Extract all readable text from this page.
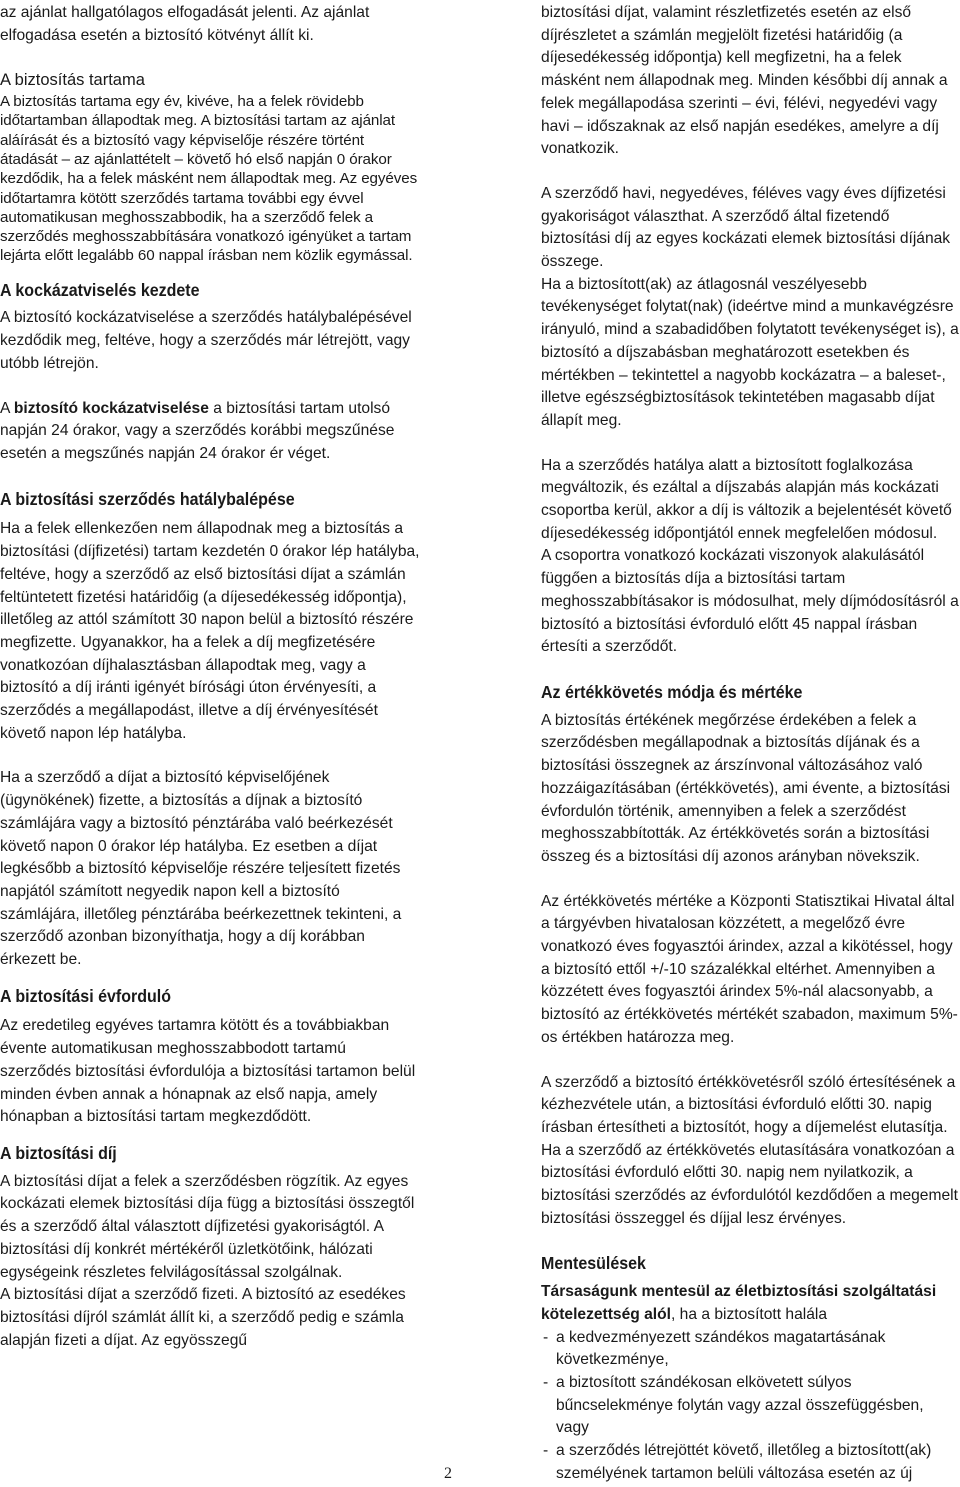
az ajánlat hallgatólagos elfogadását jelenti. Az ajánlat elfogadása esetén a biztosító kötvényt állít ki.

A biztosítás tartama

A biztosítás tartama egy év, kivéve, ha a felek rövidebb időtartamban állapodtak meg. A biztosítási tartam az ajánlat aláírását és a biztosító vagy képviselője részére történt átadását – az ajánlattételt – követő hó első napján 0 órakor kezdődik, ha a felek másként nem állapodtak meg. Az egyéves időtartamra kötött szerződés tartama további egy évvel automatikusan meghosszabbodik, ha a szerződő felek a szerződés meghosszabbítására vonatkozó igényüket a tartam lejárta előtt legalább 60 nappal írásban nem közlik egymással.

A kockázatviselés kezdete

A biztosító kockázatviselése a szerződés hatálybalépésével kezdődik meg, feltéve, hogy a szerződés már létrejött, vagy utóbb létrejön.

A biztosító kockázatviselése a biztosítási tartam utolsó napján 24 órakor, vagy a szerződés korábbi megszűnése esetén a megszűnés napján 24 órakor ér véget.

A biztosítási szerződés hatálybalépése

Ha a felek ellenkezően nem állapodnak meg a biztosítás a biztosítási (díjfizetési) tartam kezdetén 0 órakor lép hatályba, feltéve, hogy a szerződő az első biztosítási díjat a számlán feltüntetett fizetési határidőig (a díjesedékesség időpontja), illetőleg az attól számított 30 napon belül a biztosító részére megfizette. Ugyanakkor, ha a felek a díj megfizetésére vonatkozóan díjhalasztásban állapodtak meg, vagy a biztosító a díj iránti igényét bírósági úton érvényesíti, a szerződés a megállapodást, illetve a díj érvényesítését követő napon lép hatályba.

Ha a szerződő a díjat a biztosító képviselőjének (ügynökének) fizette, a biztosítás a díjnak a biztosító számlájára vagy a biztosító pénztárába való beérkezését követő napon 0 órakor lép hatályba. Ez esetben a díjat legkésőbb a biztosító képviselője részére teljesített fizetés napjától számított negyedik napon kell a biztosító számlájára, illetőleg pénztárába beérkezettnek tekinteni, a szerződő azonban bizonyíthatja, hogy a díj korábban érkezett be.

A biztosítási évforduló

Az eredetileg egyéves tartamra kötött és a továbbiakban évente automatikusan meghosszabbodott tartamú szerződés biztosítási évfordulója a biztosítási tartamon belül minden évben annak a hónapnak az első napja, amely hónapban a biztosítási tartam megkezdődött.

A biztosítási díj

A biztosítási díjat a felek a szerződésben rögzítik. Az egyes kockázati elemek biztosítási díja függ a biztosítási összegtől és a szerződő által választott díjfizetési gyakoriságtól. A biztosítási díj konkrét mértékéről üzletkötőink, hálózati egységeink részletes felvilágosítással szolgálnak.

A biztosítási díjat a szerződő fizeti. A biztosító az esedékes biztosítási díjról számlát állít ki, a szerződő pedig e számla alapján fizeti a díjat. Az egyösszegű

biztosítási díjat, valamint részletfizetés esetén az első díjrészletet a számlán megjelölt fizetési határidőig (a díjesedékesség időpontja) kell megfizetni, ha a felek másként nem állapodnak meg. Minden későbbi díj annak a felek megállapodása szerinti – évi, félévi, negyedévi vagy havi – időszaknak az első napján esedékes, amelyre a díj vonatkozik.

A szerződő havi, negyedéves, féléves vagy éves díjfizetési gyakoriságot választhat. A szerződő által fizetendő biztosítási díj az egyes kockázati elemek biztosítási díjának összege.

Ha a biztosított(ak) az átlagosnál veszélyesebb tevékenységet folytat(nak) (ideértve mind a munkavégzésre irányuló, mind a szabadidőben folytatott tevékenységet is), a biztosító a díjszabásban meghatározott esetekben és mértékben – tekintettel a nagyobb kockázatra – a baleset-, illetve egészségbiztosítások tekintetében magasabb díjat állapít meg.

Ha a szerződés hatálya alatt a biztosított foglalkozása megváltozik, és ezáltal a díjszabás alapján más kockázati csoportba kerül, akkor a díj is változik a bejelentését követő díjesedékesség időpontjától ennek megfelelően módosul.

A csoportra vonatkozó kockázati viszonyok alakulásától függően a biztosítás díja a biztosítási tartam meghosszabbításakor is módosulhat, mely díjmódosításról a biztosító a biztosítási évforduló előtt 45 nappal írásban értesíti a szerződőt.

Az értékkövetés módja és mértéke

A biztosítás értékének megőrzése érdekében a felek a szerződésben megállapodnak a biztosítás díjának és a biztosítási összegnek az árszínvonal változásához való hozzáigazításában (értékkövetés), ami évente, a biztosítási évfordulón történik, amennyiben a felek a szerződést meghosszabbították. Az értékkövetés során a biztosítási összeg és a biztosítási díj azonos arányban növekszik.

Az értékkövetés mértéke a Központi Statisztikai Hivatal által a tárgyévben hivatalosan közzétett, a megelőző évre vonatkozó éves fogyasztói árindex, azzal a kikötéssel, hogy a biztosító ettől +/-10 százalékkal eltérhet. Amennyiben a közzétett éves fogyasztói árindex 5%-nál alacsonyabb, a biztosító az értékkövetés mértékét szabadon, maximum 5%-os értékben határozza meg.

A szerződő a biztosító értékkövetésről szóló értesítésének a kézhezvétele után, a biztosítási évforduló előtti 30. napig írásban értesítheti a biztosítót, hogy a díjemelést elutasítja.

Ha a szerződő az értékkövetés elutasítására vonatkozóan a biztosítási évforduló előtti 30. napig nem nyilatkozik, a biztosítási szerződés az évfordulótól kezdődően a megemelt biztosítási összeggel és díjjal lesz érvényes.

Mentesülések

Társaságunk mentesül az életbiztosítási szolgáltatási kötelezettség alól, ha a biztosított halála

- a kedvezményezett szándékos magatartásának következménye,
- a biztosított szándékosan elkövetett súlyos bűncselekménye folytán vagy azzal összefüggésben, vagy
- a szerződés létrejöttét követő, illetőleg a biztosított(ak) személyének tartamon belüli változása esetén az új
2
